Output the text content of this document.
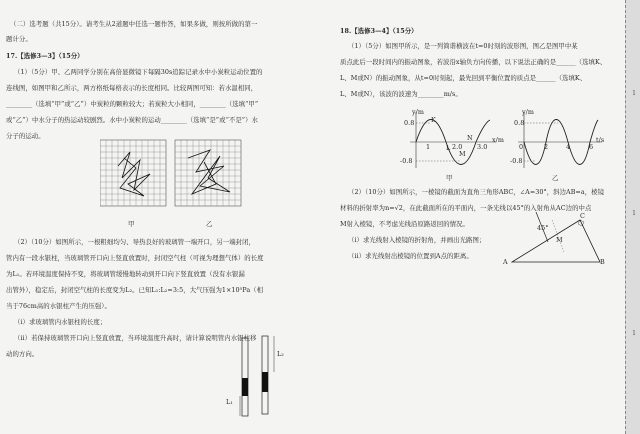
（二）选考题（共15分）。请考生从2道题中任选一题作答，如果多做，则按所做的第一
题计分。
17.【选修3—3】（15分）
（1）（5分）甲、乙两同学分别在高倍显微镜下每隔30s追踪记录水中小炭粒运动位置的
连线图，如图甲和乙所示，两方格纸每格表示的长度相同。比较两图可知：若水温相同，
________（选填“甲”或“乙”）中炭粒的颗粒较大；若炭粒大小相同，________（选填“甲”
或“乙”）中水分子的热运动较剧烈。水中小炭粒的运动________（选填“是”或“不是”）水
分子的运动。
甲	乙
（2）（10分）如图所示，一根粗细均匀、导热良好的玻璃管一端开口，另一端封闭，
管内有一段水银柱，当玻璃管开口向上竖直放置时，封闭空气柱（可视为理想气体）的长度
为L₁。若环境温度保持不变，将玻璃管缓慢地转动到开口向下竖直放置（没有水银漏
出管外），稳定后，封闭空气柱的长度变为L₂。已知L₁:L₂=3:5，大气压强为1×10⁵Pa（相
当于76cm高的水银柱产生的压强）。
（i）求玻璃管内水银柱的长度；
（ii）若保持玻璃管开口向上竖直放置，当环境温度升高时，请计算说明管内水银柱移
动的方向。	L₂
L₁
18.【选修3—4】（15分）
（1）（5分）如图甲所示，是一列简谐横波在t=0时刻的波形图，图乙是图甲中某
质点此后一段时间内的振动图象，若波沿x轴负方向传播，以下说法正确的是______（选填K、
L、M或N）的振动图象，从t=0时刻起，最先回到平衡位置的质点是______（选填K、
L、M或N），该波的波速为________m/s。
y/m
0.8
-0.8
K
L
M
N
1	2.0 3.0
x/m
甲
y/m
0.8
-0.8
0	2	4	6
t/s
乙
（2）（10分）如图所示，一棱镜的截面为直角三角形ABC，∠A=30°，斜边AB=a，棱镜
材料的折射率为n=√2，在此截面所在的平面内，一条光线以45°的入射角从AC边的中点
M射入棱镜，不考虑光线沿原路返回的情况。
（i）求光线射入棱镜的折射角，并画出光路图；
（ii）求光线射出棱镜的位置到A点的距离。
A	B
C
M
45°
1
1
1
